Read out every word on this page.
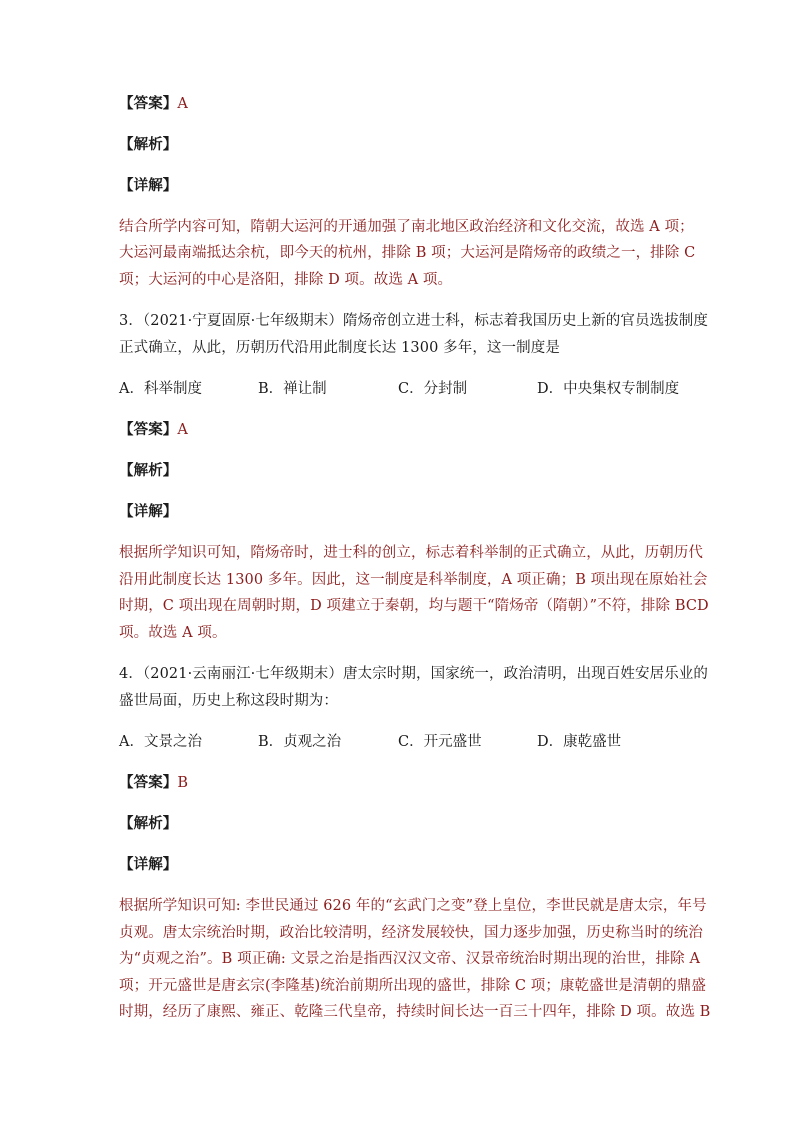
【答案】A
【解析】
【详解】
结合所学内容可知，隋朝大运河的开通加强了南北地区政治经济和文化交流，故选 A 项；
大运河最南端抵达余杭，即今天的杭州，排除 B 项；大运河是隋炀帝的政绩之一，排除 C
项；大运河的中心是洛阳，排除 D 项。故选 A 项。
3．（2021·宁夏固原·七年级期末）隋炀帝创立进士科，标志着我国历史上新的官员选拔制度
正式确立，从此，历朝历代沿用此制度长达 1300 多年，这一制度是
A．科举制度	B．禅让制	C．分封制	D．中央集权专制制度
【答案】A
【解析】
【详解】
根据所学知识可知，隋炀帝时，进士科的创立，标志着科举制的正式确立，从此，历朝历代
沿用此制度长达 1300 多年。因此，这一制度是科举制度，A 项正确；B 项出现在原始社会
时期，C 项出现在周朝时期，D 项建立于秦朝，均与题干“隋炀帝（隋朝）”不符，排除 BCD
项。故选 A 项。
4．（2021·云南丽江·七年级期末）唐太宗时期，国家统一，政治清明，出现百姓安居乐业的
盛世局面，历史上称这段时期为：
A．文景之治	B．贞观之治	C．开元盛世	D．康乾盛世
【答案】B
【解析】
【详解】
根据所学知识可知: 李世民通过 626 年的“玄武门之变”登上皇位，李世民就是唐太宗，年号
贞观。唐太宗统治时期，政治比较清明，经济发展较快，国力逐步加强，历史称当时的统治
为“贞观之治”。B 项正确: 文景之治是指西汉汉文帝、汉景帝统治时期出现的治世，排除 A
项；开元盛世是唐玄宗(李隆基)统治前期所出现的盛世，排除 C 项；康乾盛世是清朝的鼎盛
时期，经历了康熙、雍正、乾隆三代皇帝，持续时间长达一百三十四年，排除 D 项。故选 B
